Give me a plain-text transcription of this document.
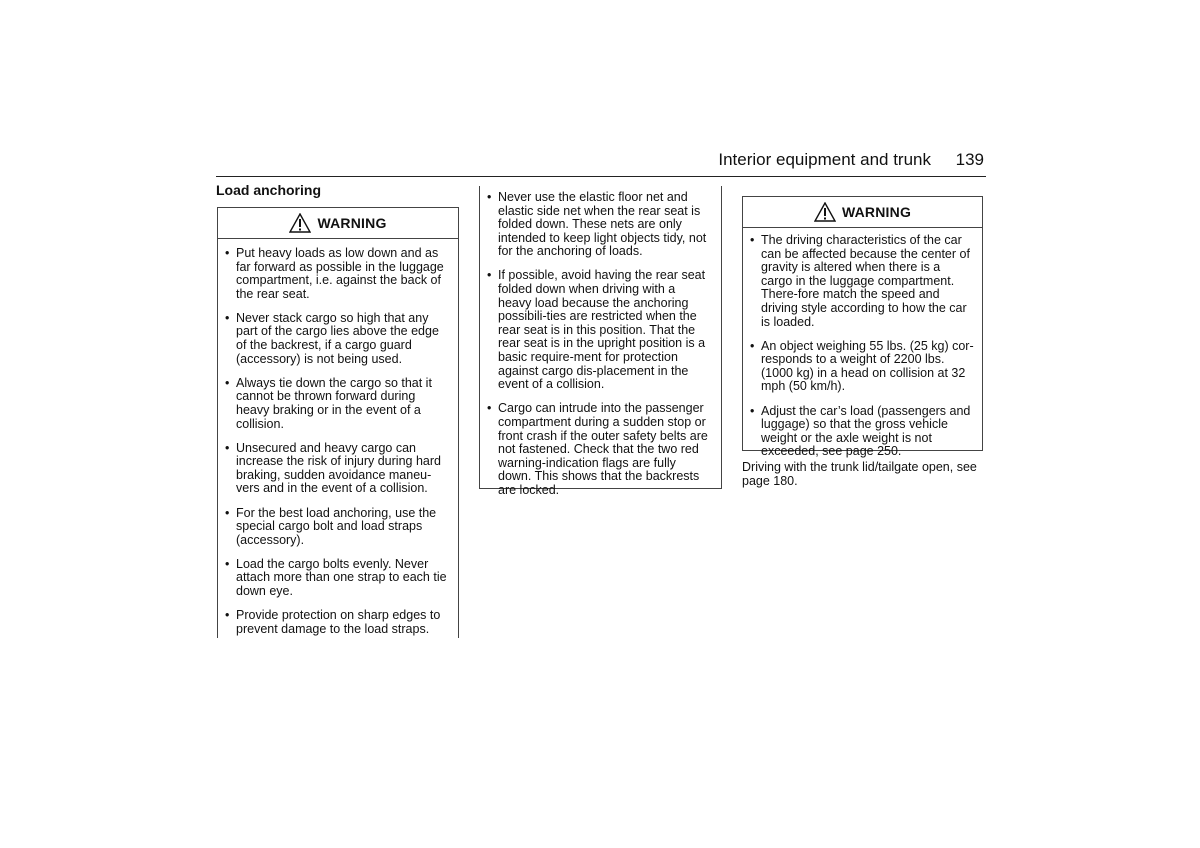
Interior equipment and trunk 139
Load anchoring
WARNING
• Put heavy loads as low down and as far forward as possible in the luggage compartment, i.e. against the back of the rear seat.
• Never stack cargo so high that any part of the cargo lies above the edge of the backrest, if a cargo guard (accessory) is not being used.
• Always tie down the cargo so that it cannot be thrown forward during heavy braking or in the event of a collision.
• Unsecured and heavy cargo can increase the risk of injury during hard braking, sudden avoidance maneu-vers and in the event of a collision.
• For the best load anchoring, use the special cargo bolt and load straps (accessory).
• Load the cargo bolts evenly. Never attach more than one strap to each tie down eye.
• Provide protection on sharp edges to prevent damage to the load straps.
• Never use the elastic floor net and elastic side net when the rear seat is folded down. These nets are only intended to keep light objects tidy, not for the anchoring of loads.
• If possible, avoid having the rear seat folded down when driving with a heavy load because the anchoring possibili-ties are restricted when the rear seat is in this position. That the rear seat is in the upright position is a basic require-ment for protection against cargo dis-placement in the event of a collision.
• Cargo can intrude into the passenger compartment during a sudden stop or front crash if the outer safety belts are not fastened. Check that the two red warning-indication flags are fully down. This shows that the backrests are locked.
WARNING
• The driving characteristics of the car can be affected because the center of gravity is altered when there is a cargo in the luggage compartment. There-fore match the speed and driving style according to how the car is loaded.
• An object weighing 55 lbs. (25 kg) cor-responds to a weight of 2200 lbs. (1000 kg) in a head on collision at 32 mph (50 km/h).
• Adjust the car’s load (passengers and luggage) so that the gross vehicle weight or the axle weight is not exceeded, see page 250.
Driving with the trunk lid/tailgate open, see page 180.
